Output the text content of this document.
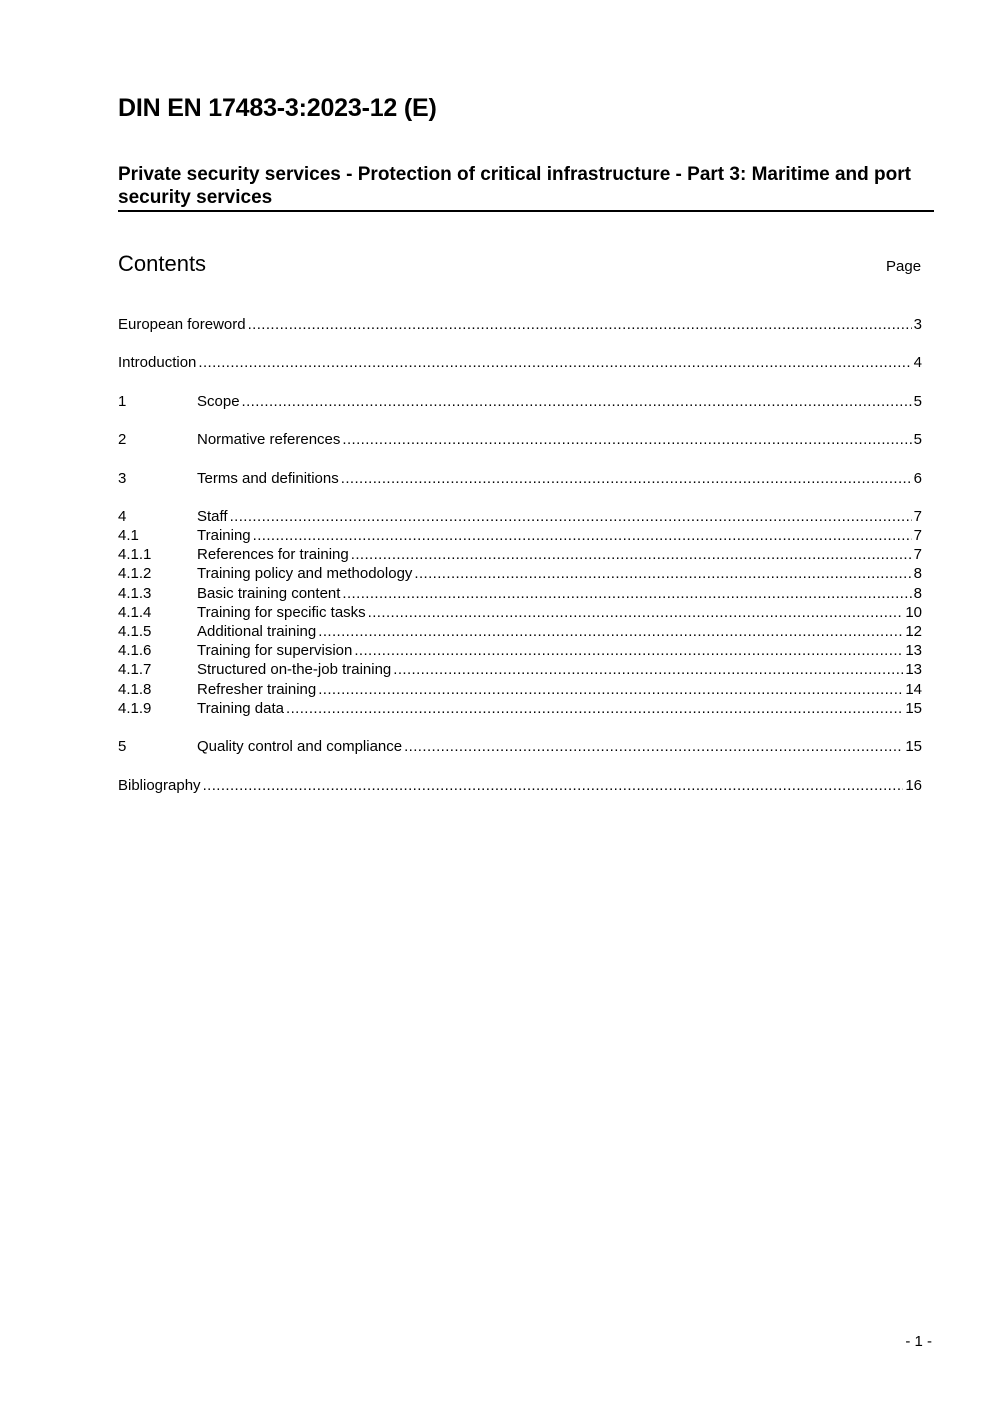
DIN EN 17483-3:2023-12 (E)
Private security services - Protection of critical infrastructure - Part 3: Maritime and port security services
Contents	Page
European foreword .....	3
Introduction .....	4
1	Scope .....	5
2	Normative references .....	5
3	Terms and definitions .....	6
4	Staff .....	7
4.1	Training .....	7
4.1.1	References for training .....	7
4.1.2	Training policy and methodology .....	8
4.1.3	Basic training content .....	8
4.1.4	Training for specific tasks .....	10
4.1.5	Additional training .....	12
4.1.6	Training for supervision .....	13
4.1.7	Structured on-the-job training .....	13
4.1.8	Refresher training .....	14
4.1.9	Training data .....	15
5	Quality control and compliance .....	15
Bibliography .....	16
- 1 -
